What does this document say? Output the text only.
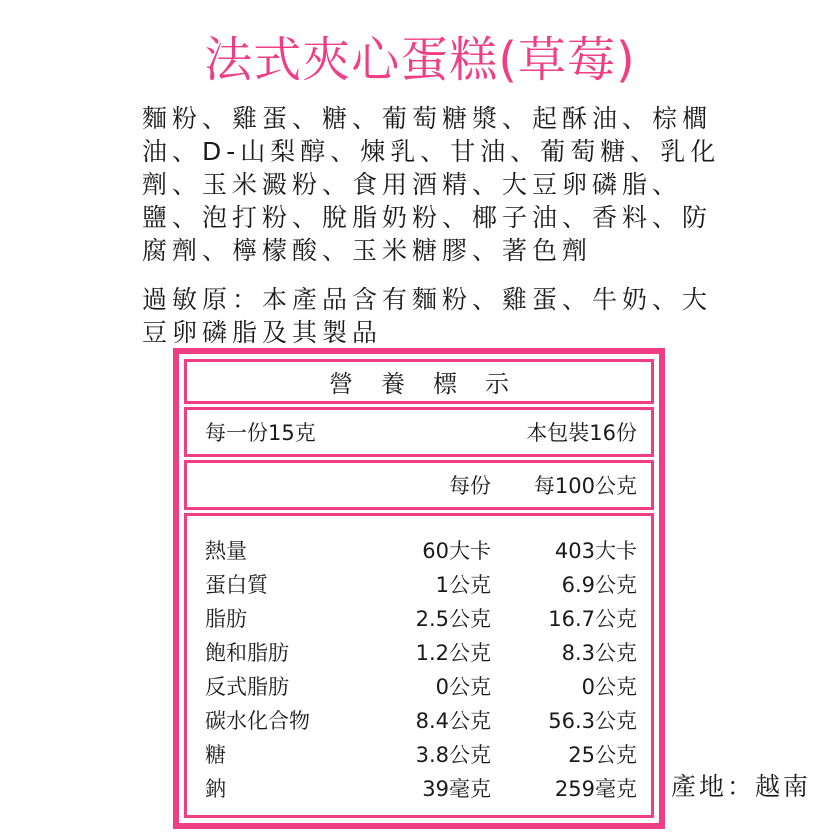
法式夾心蛋糕(草莓)
麵粉、雞蛋、糖、葡萄糖漿、起酥油、棕櫚
油、D-山梨醇、煉乳、甘油、葡萄糖、乳化
劑、玉米澱粉、食用酒精、大豆卵磷脂、
鹽、泡打粉、脫脂奶粉、椰子油、香料、防
腐劑、檸檬酸、玉米糖膠、著色劑
過敏原：本產品含有麵粉、雞蛋、牛奶、大
豆卵磷脂及其製品
營養標示
每一份15克	本包裝16份
每份 每100公克
熱量	60大卡	403大卡
蛋白質	1公克	6.9公克
脂肪	2.5公克	16.7公克
飽和脂肪	1.2公克	8.3公克
反式脂肪	0公克	0公克
碳水化合物	8.4公克	56.3公克
糖	3.8公克	25公克
鈉	39毫克	259毫克 產地：越南
